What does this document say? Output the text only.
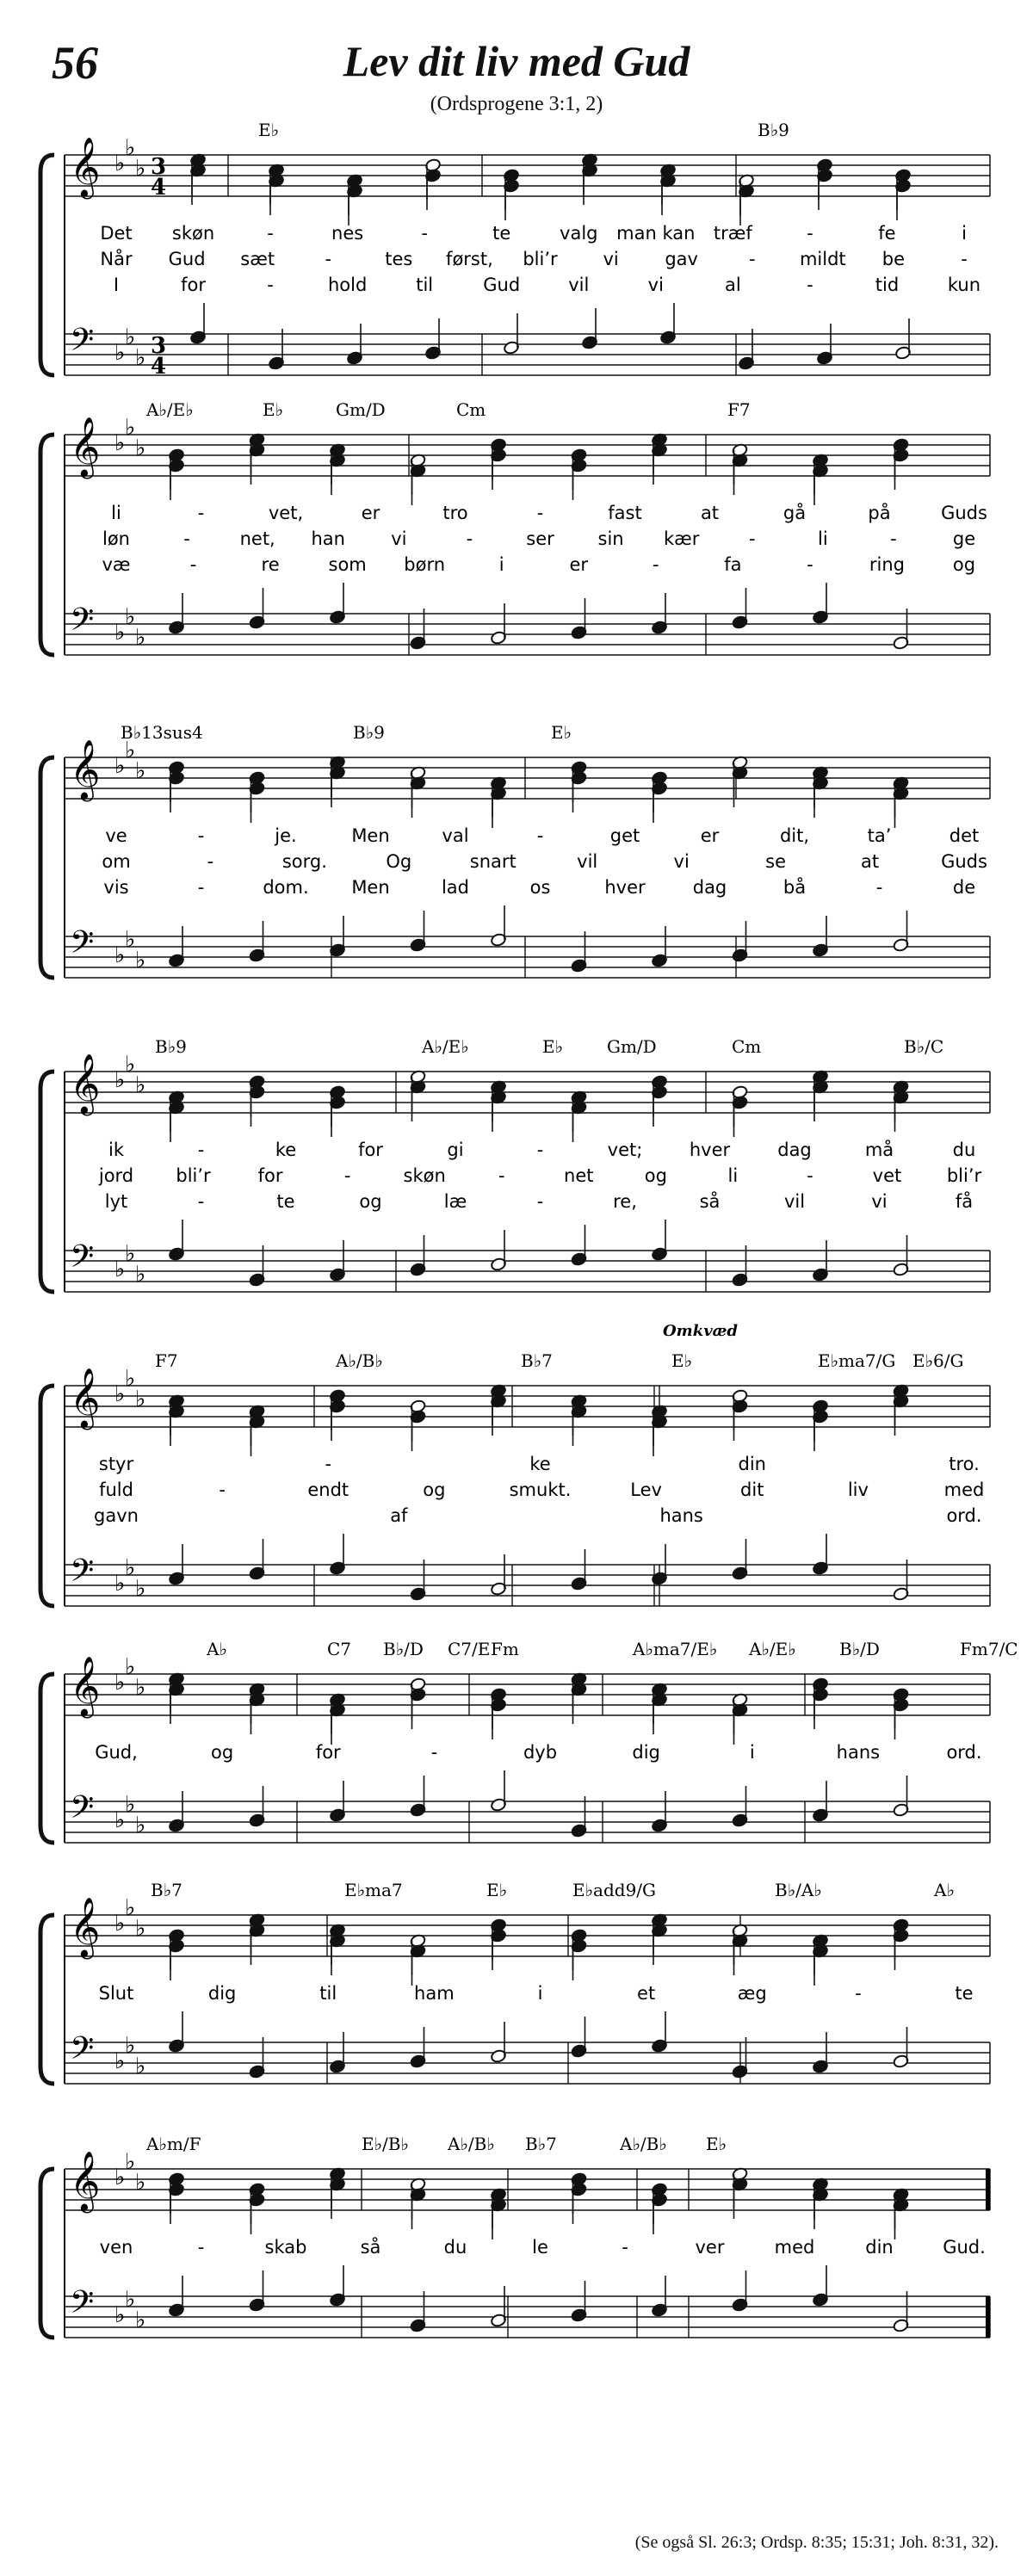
56	Lev dit liv med Gud
(Ordsprogene 3:1, 2)
E♭	B♭9
𝄞
𝄢
♭
♭
♭
♭
♭
♭
3
4
3
4
Det skøn	-	nes	-	te	valg man kan træf	-	fe	i
Når Gud sæt	-	tes først, bli’r	vi	gav	- mildt be	-
I	for	-	hold	til	Gud	vil	vi	al	-	tid	kun
A♭/E♭	E♭	Gm/D	Cm	F7
𝄞
𝄢
♭
♭
♭
♭
♭
♭
li	-	vet,	er	tro	-	fast	at	gå	på	Guds
løn	-	net, han	vi	-	ser sin kær	-	li	-	ge
væ	-	re	som børn	i	er	-	fa	-	ring	og
B♭13sus4	B♭9	E♭
𝄞
𝄢
♭
♭
♭
♭
♭
♭
ve	-	je.	Men	val	-	get	er	dit,	ta’	det
om	-	sorg.	Og	snart	vil	vi	se	at	Guds
vis	-	dom. Men	lad	os	hver	dag	bå	-	de
B♭9	A♭/E♭	E♭	Gm/D	Cm	B♭/C
𝄞
𝄢
♭
♭
♭
♭
♭
♭
ik	-	ke	for	gi	-	vet;	hver	dag	må	du
jord bli’r	for	-	skøn	-	net	og	li	-	vet	bli’r
lyt	-	te	og	læ	-	re,	så	vil	vi	få
F7	A♭/B♭	B♭7	E♭	E♭ma7/G E♭6/G
Omkvæd
𝄞
𝄢
♭
♭
♭
♭
♭
♭
styr	-	ke	din	tro.
fuld	-	endt	og	smukt.	Lev	dit	liv	med
gavn	af	hans	ord.
A♭	C7 B♭/D C7/E Fm	A♭ma7/E♭ A♭/E♭	B♭/D	Fm7/C
𝄞
𝄢
♭
♭
♭
♭
♭
♭
Gud,	og	for	-	dyb	dig	i	hans	ord.
B♭7	E♭ma7	E♭	E♭add9/G	B♭/A♭	A♭
𝄞
𝄢
♭
♭
♭
♭
♭
♭
Slut	dig	til	ham	i	et	æg	-	te
A♭m/F	E♭/B♭ A♭/B♭ B♭7	A♭/B♭ E♭
𝄞
𝄢
♭
♭
♭
♭
♭
♭
ven	-	skab	så	du	le	-	ver	med	din	Gud.
(Se også Sl. 26:3; Ordsp. 8:35; 15:31; Joh. 8:31, 32).
